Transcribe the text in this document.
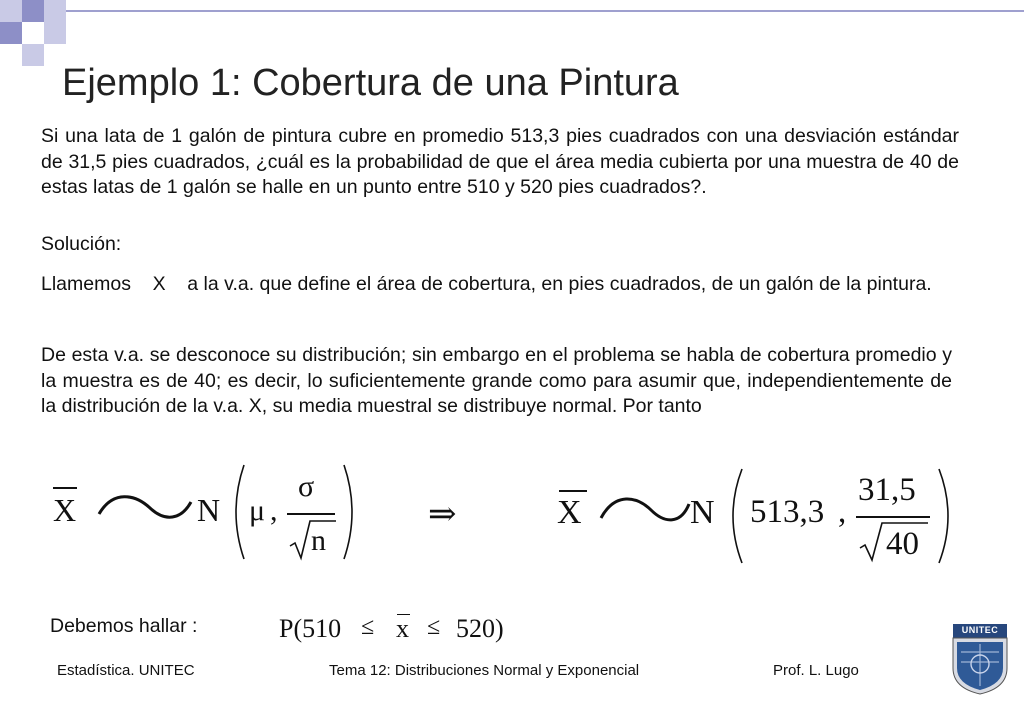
Ejemplo 1: Cobertura de una Pintura
Si una lata de 1 galón de pintura cubre en promedio 513,3 pies cuadrados con una desviación estándar de 31,5 pies cuadrados, ¿cuál es la probabilidad de que el área media cubierta por una muestra de 40 de estas latas de 1 galón se halle en un punto entre 510 y 520 pies cuadrados?.
Solución:
Llamemos    X    a la v.a. que define el área de cobertura, en pies cuadrados, de un galón de la pintura.
De esta v.a. se desconoce su distribución; sin embargo en el problema se habla de cobertura promedio y la muestra es de 40; es decir, lo suficientemente grande como para asumir que, independientemente de la distribución de la v.a. X, su media muestral se distribuye normal. Por tanto
X	N μ ,
σ
n
⇒	X	N 513,3 ,
31,5
40
Debemos hallar :	P(510 ≤ x ≤ 520)
Estadística. UNITEC	Tema 12: Distribuciones Normal y Exponencial	Prof. L. Lugo
UNITEC
